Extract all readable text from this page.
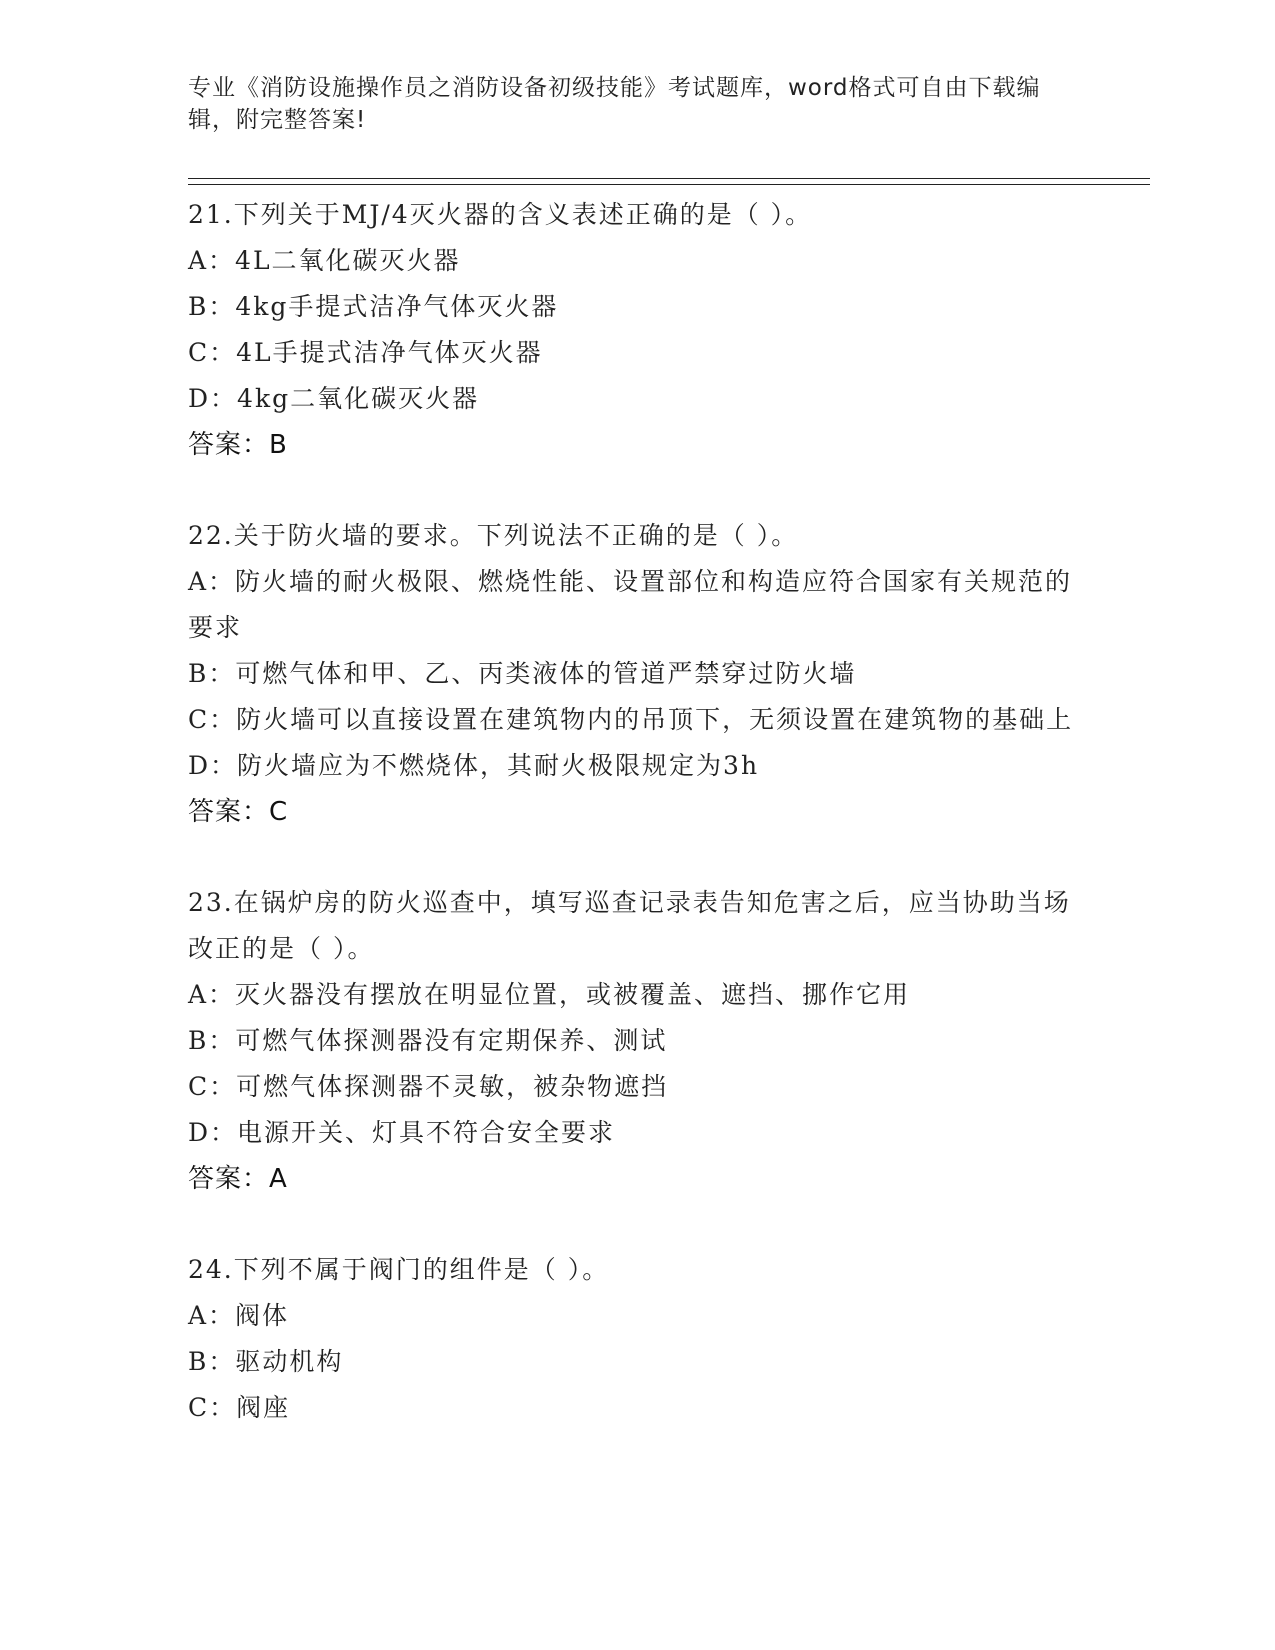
专业《消防设施操作员之消防设备初级技能》考试题库，word格式可自由下载编辑，附完整答案!
21.下列关于MJ/4灭火器的含义表述正确的是（ ）。
A：4L二氧化碳灭火器
B：4kg手提式洁净气体灭火器
C：4L手提式洁净气体灭火器
D：4kg二氧化碳灭火器
答案：B
22.关于防火墙的要求。下列说法不正确的是（ ）。
A：防火墙的耐火极限、燃烧性能、设置部位和构造应符合国家有关规范的要求
B：可燃气体和甲、乙、丙类液体的管道严禁穿过防火墙
C：防火墙可以直接设置在建筑物内的吊顶下，无须设置在建筑物的基础上
D：防火墙应为不燃烧体，其耐火极限规定为3h
答案：C
23.在锅炉房的防火巡查中，填写巡查记录表告知危害之后，应当协助当场改正的是（ ）。
A：灭火器没有摆放在明显位置，或被覆盖、遮挡、挪作它用
B：可燃气体探测器没有定期保养、测试
C：可燃气体探测器不灵敏，被杂物遮挡
D：电源开关、灯具不符合安全要求
答案：A
24.下列不属于阀门的组件是（ ）。
A：阀体
B：驱动机构
C：阀座
